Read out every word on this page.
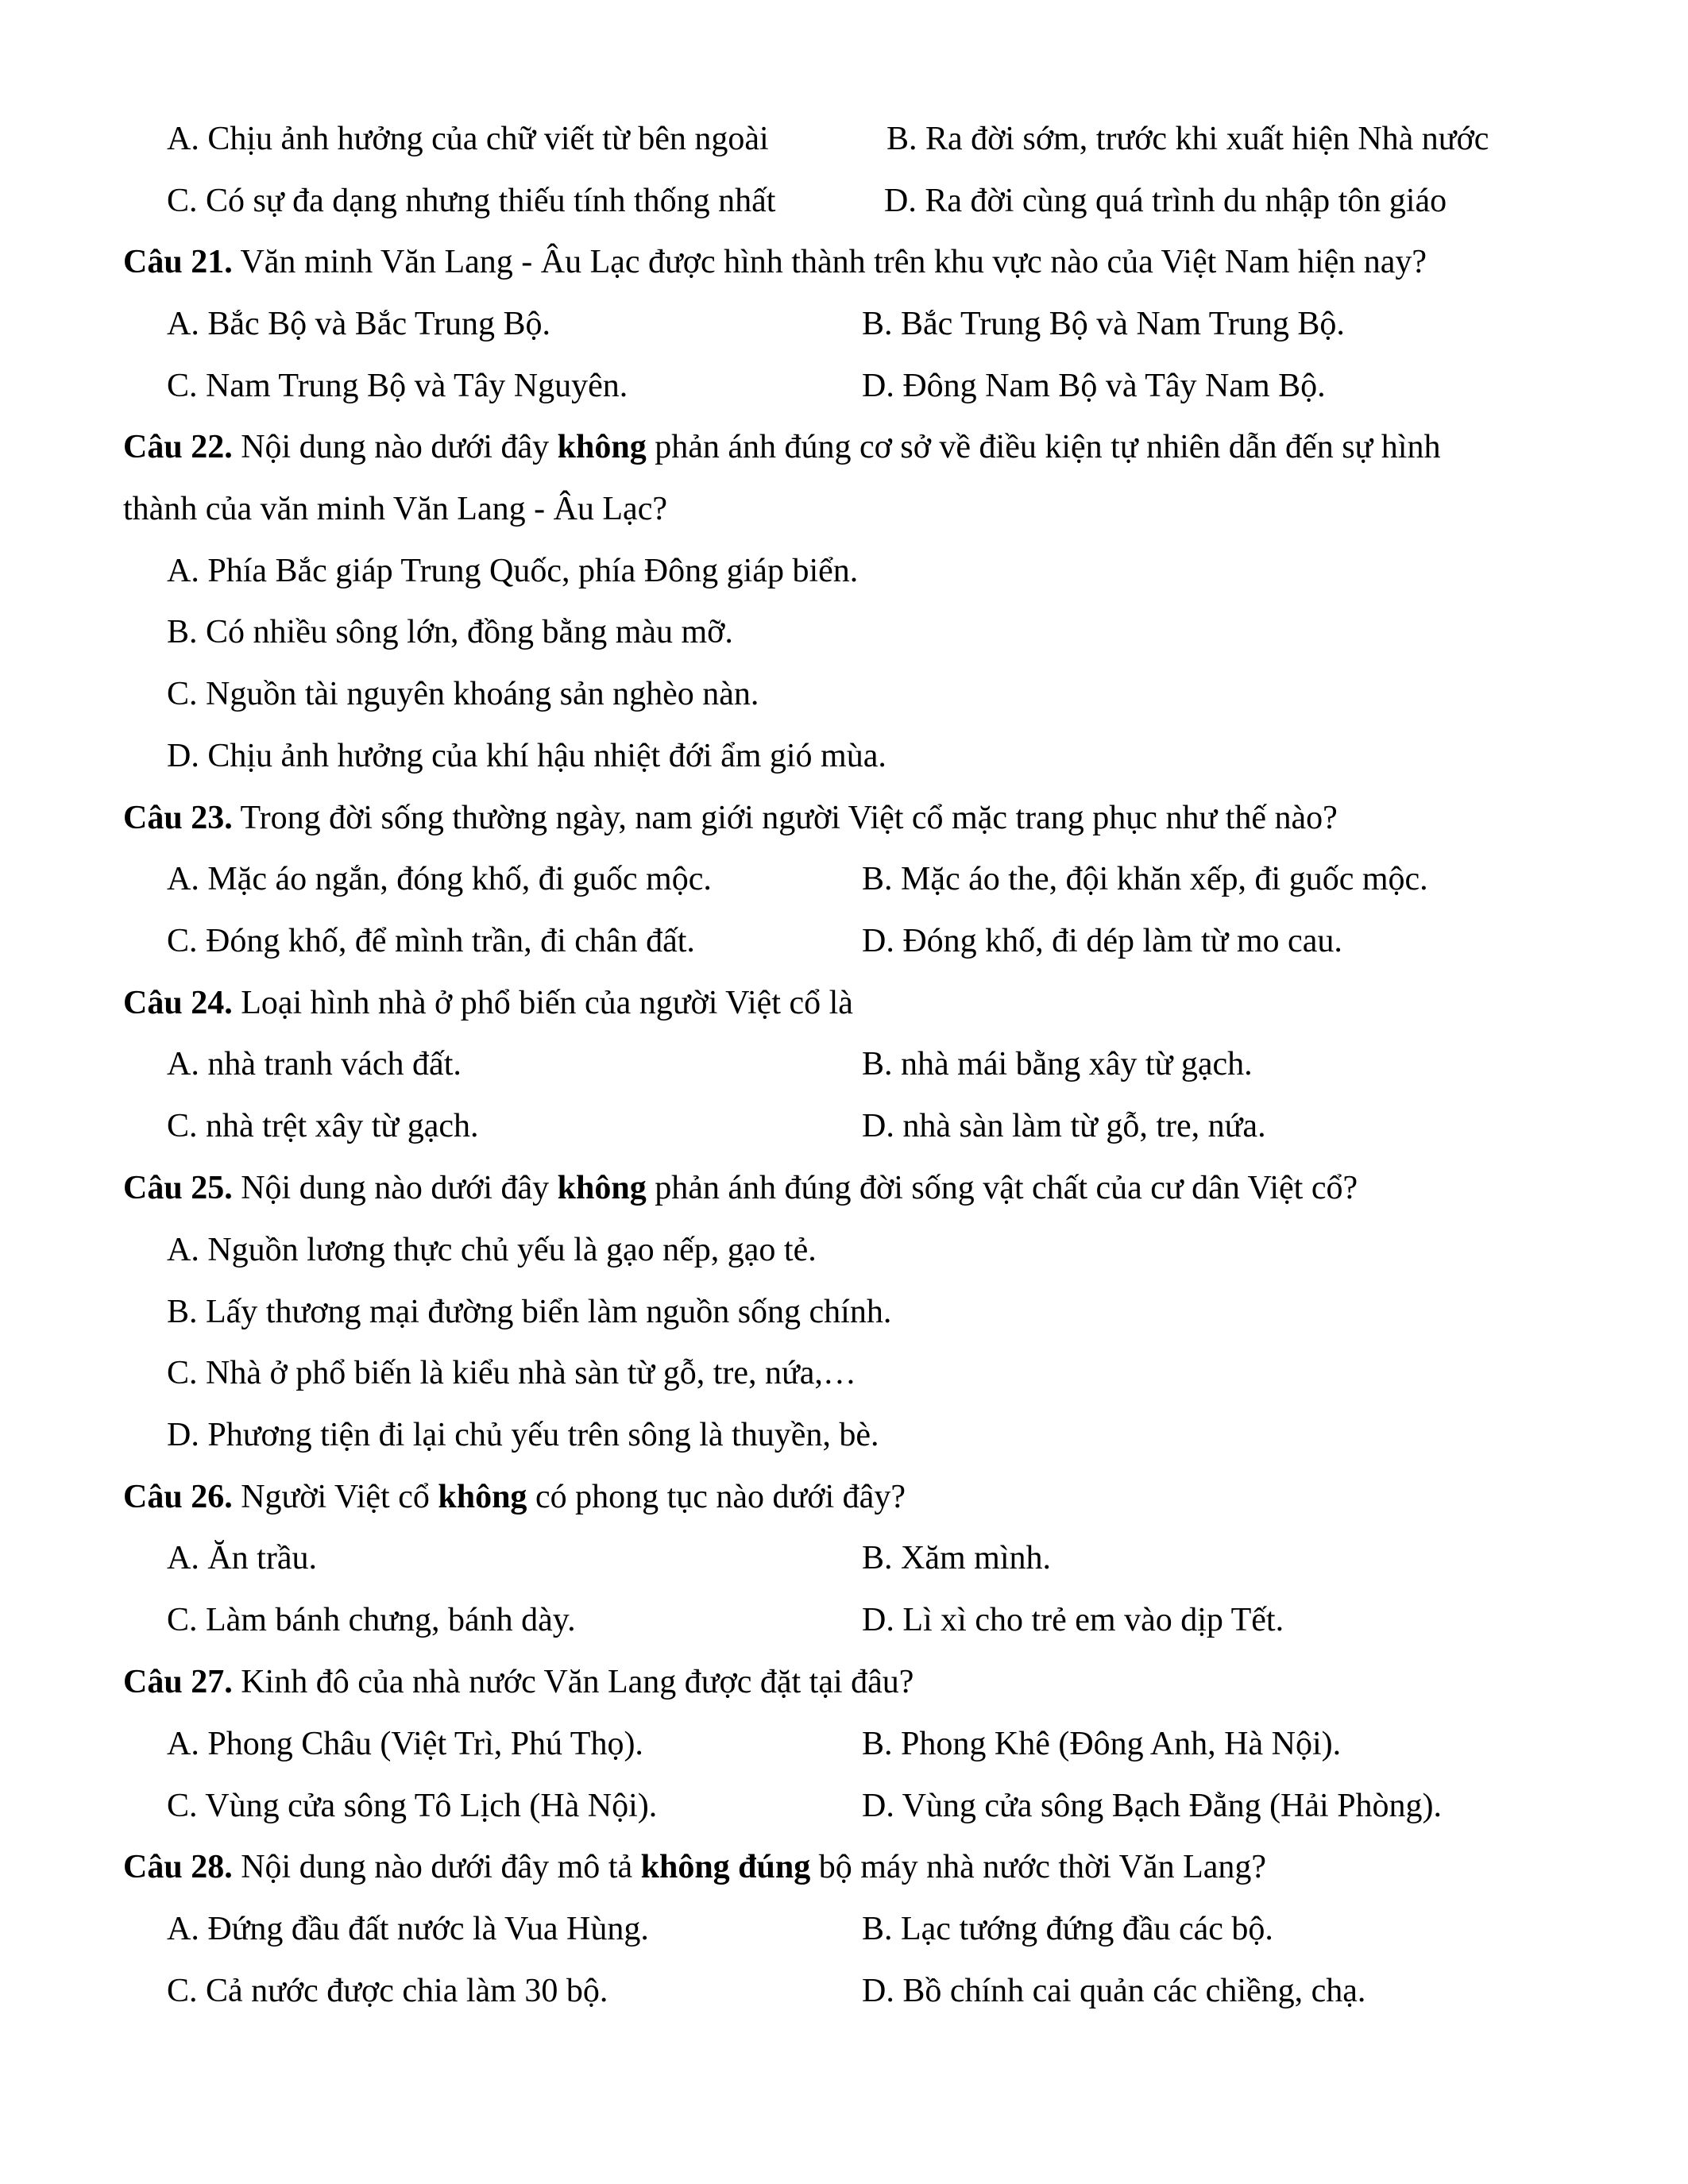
A. Chịu ảnh hưởng của chữ viết từ bên ngoài	B. Ra đời sớm, trước khi xuất hiện Nhà nước
C. Có sự đa dạng nhưng thiếu tính thống nhất	D. Ra đời cùng quá trình du nhập tôn giáo
Câu 21. Văn minh Văn Lang - Âu Lạc được hình thành trên khu vực nào của Việt Nam hiện nay?
A. Bắc Bộ và Bắc Trung Bộ.	B. Bắc Trung Bộ và Nam Trung Bộ.
C. Nam Trung Bộ và Tây Nguyên.	D. Đông Nam Bộ và Tây Nam Bộ.
Câu 22. Nội dung nào dưới đây không phản ánh đúng cơ sở về điều kiện tự nhiên dẫn đến sự hình
thành của văn minh Văn Lang - Âu Lạc?
A. Phía Bắc giáp Trung Quốc, phía Đông giáp biển.
B. Có nhiều sông lớn, đồng bằng màu mỡ.
C. Nguồn tài nguyên khoáng sản nghèo nàn.
D. Chịu ảnh hưởng của khí hậu nhiệt đới ẩm gió mùa.
Câu 23. Trong đời sống thường ngày, nam giới người Việt cổ mặc trang phục như thế nào?
A. Mặc áo ngắn, đóng khố, đi guốc mộc.	B. Mặc áo the, đội khăn xếp, đi guốc mộc.
C. Đóng khố, để mình trần, đi chân đất.	D. Đóng khố, đi dép làm từ mo cau.
Câu 24. Loại hình nhà ở phổ biến của người Việt cổ là
A. nhà tranh vách đất.	B. nhà mái bằng xây từ gạch.
C. nhà trệt xây từ gạch.	D. nhà sàn làm từ gỗ, tre, nứa.
Câu 25. Nội dung nào dưới đây không phản ánh đúng đời sống vật chất của cư dân Việt cổ?
A. Nguồn lương thực chủ yếu là gạo nếp, gạo tẻ.
B. Lấy thương mại đường biển làm nguồn sống chính.
C. Nhà ở phổ biến là kiểu nhà sàn từ gỗ, tre, nứa,…
D. Phương tiện đi lại chủ yếu trên sông là thuyền, bè.
Câu 26. Người Việt cổ không có phong tục nào dưới đây?
A. Ăn trầu.	B. Xăm mình.
C. Làm bánh chưng, bánh dày.	D. Lì xì cho trẻ em vào dịp Tết.
Câu 27. Kinh đô của nhà nước Văn Lang được đặt tại đâu?
A. Phong Châu (Việt Trì, Phú Thọ).	B. Phong Khê (Đông Anh, Hà Nội).
C. Vùng cửa sông Tô Lịch (Hà Nội).	D. Vùng cửa sông Bạch Đằng (Hải Phòng).
Câu 28. Nội dung nào dưới đây mô tả không đúng bộ máy nhà nước thời Văn Lang?
A. Đứng đầu đất nước là Vua Hùng.	B. Lạc tướng đứng đầu các bộ.
C. Cả nước được chia làm 30 bộ.	D. Bồ chính cai quản các chiềng, chạ.
